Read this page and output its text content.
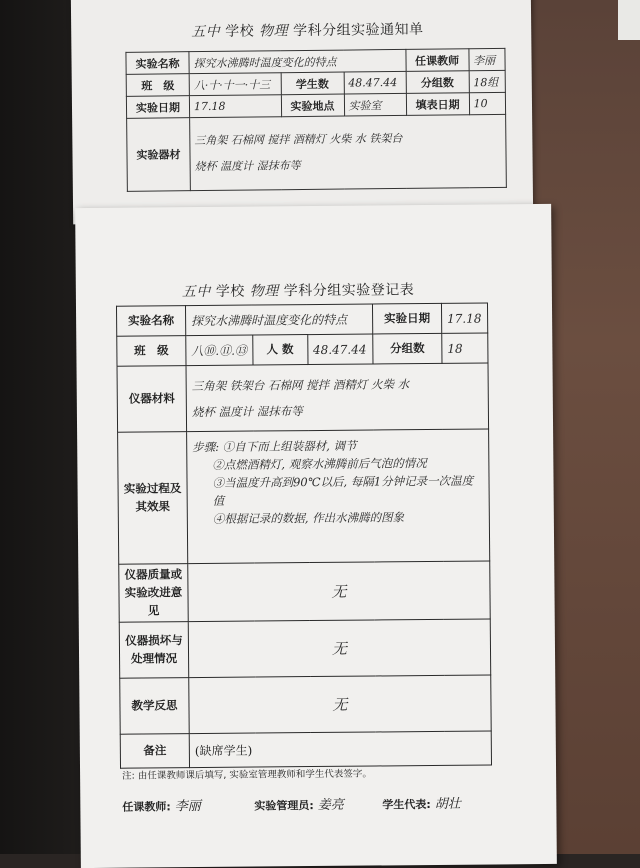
五中 学校 物理 学科分组实验通知单
实验名称	探究水沸腾时温度变化的特点			任课教师	李丽
班　级	八·十·十一·十三	学生数	48.47.44	分组数	18组
实验日期	17.18	实验地点	实验室	填表日期	10
实验器材	三角架 石棉网 搅拌 酒精灯 火柴 水 铁架台
烧杯 温度计 湿抹布等				
五中 学校 物理 学科分组实验登记表
实验名称	探究水沸腾时温度变化的特点			实验日期	17.18
班　级	八⑩.⑪.⑬	人 数	48.47.44	分组数	18
仪器材料	三角架 铁架台 石棉网 搅拌 酒精灯 火柴 水
烧杯 温度计 湿抹布等				

实验过程及其效果	步骤: ①自下而上组装器材, 调节
②点燃酒精灯, 观察水沸腾前后气泡的情况
③当温度升高到90℃以后, 每隔1分钟记录一次温度值
④根据记录的数据, 作出水沸腾的图象				

仪器质量或实验改进意见	无				
仪器损坏与处理情况	无				
教学反思	无				
备注	(缺席学生)				
注: 由任课教师课后填写, 实验室管理教师和学生代表签字。
任课教师: 李丽	实验管理员: 姜亮	学生代表: 胡壮
